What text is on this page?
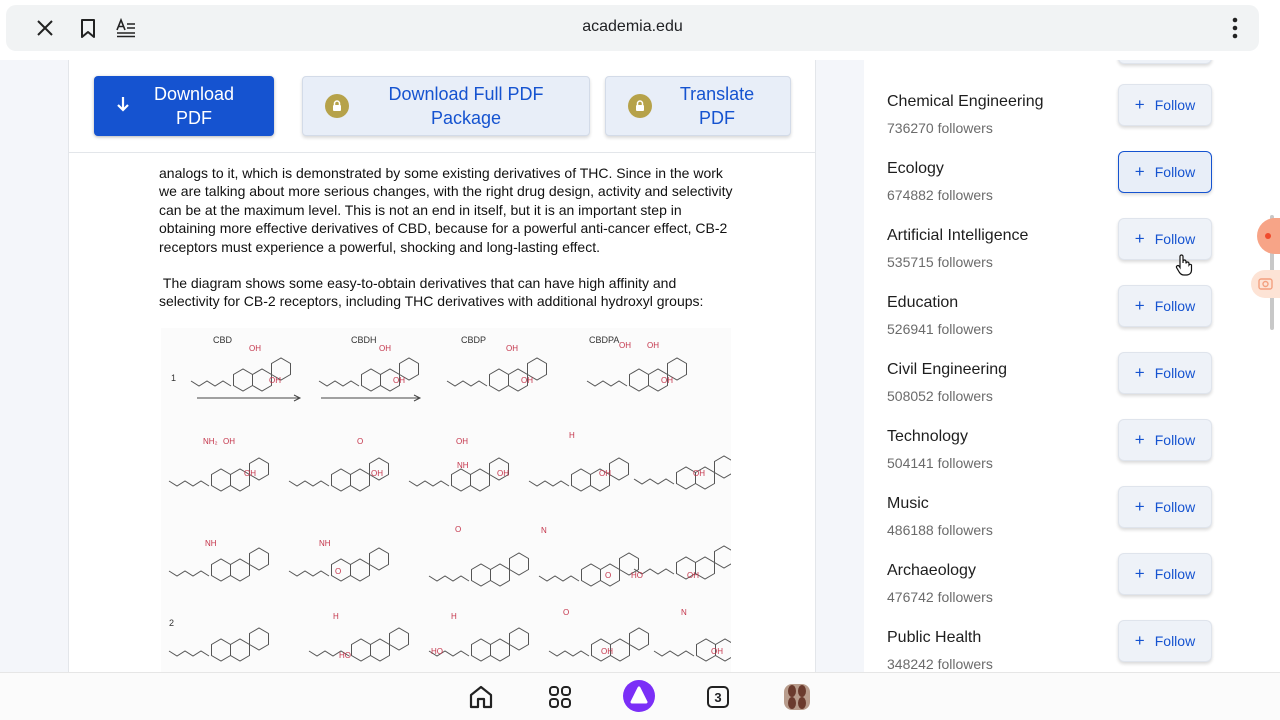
academia.edu
Download PDF
Download Full PDF Package
Translate PDF

analogs to it, which is demonstrated by some existing derivatives of THC. Since in the work we are talking about more serious changes, with the right drug design, activity and selectivity can be at the maximum level. This is not an end in itself, but it is an important step in obtaining more effective derivatives of CBD, because for a powerful anti-cancer effect, CB-2 receptors must experience a powerful, shocking and long-lasting effect.

The diagram shows some easy-to-obtain derivatives that can have high affinity and selectivity for CB-2 receptors, including THC derivatives with additional hydroxyl groups:

CBD	CBDH	CBDP	CBDPA
1
2
OH
OH
OH
OH
OH
OH
OH OH
OH
NH₂ OH
OH
O
OH
OH
NH
OH
H
OH	OH
NH	NH
O
O	N
HO	OH
O
H
HO
H
HO
O
OH
N
OH
Chemical Engineering
736270 followers
+ Follow
Ecology
674882 followers
+ Follow
Artificial Intelligence
535715 followers
+ Follow
Education
526941 followers
+ Follow
Civil Engineering
508052 followers
+ Follow
Technology
504141 followers
+ Follow
Music
486188 followers
+ Follow
Archaeology
476742 followers
+ Follow
Public Health
348242 followers
+ Follow
3
